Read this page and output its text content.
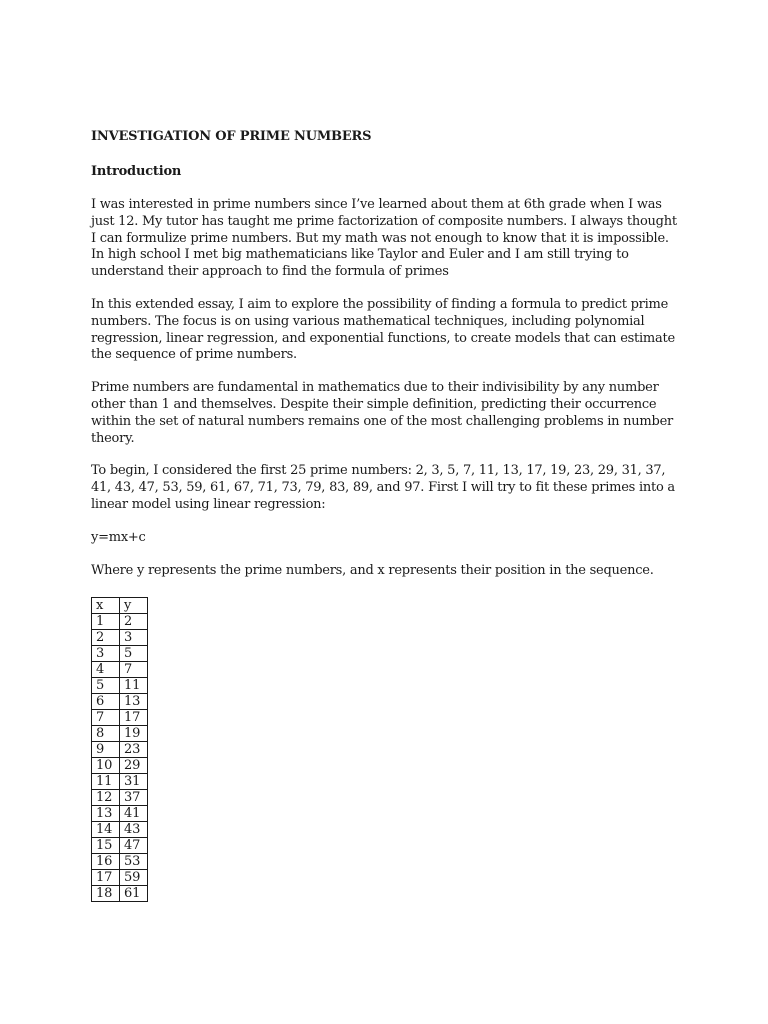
INVESTIGATION OF PRIME NUMBERS
Introduction

I was interested in prime numbers since I’ve learned about them at 6th grade when I was just 12. My tutor has taught me prime factorization of composite numbers. I always thought I can formulize prime numbers. But my math was not enough to know that it is impossible. In high school I met big mathematicians like Taylor and Euler and I am still trying to understand their approach to find the formula of primes

In this extended essay, I aim to explore the possibility of finding a formula to predict prime numbers. The focus is on using various mathematical techniques, including polynomial regression, linear regression, and exponential functions, to create models that can estimate the sequence of prime numbers.

Prime numbers are fundamental in mathematics due to their indivisibility by any number other than 1 and themselves. Despite their simple definition, predicting their occurrence within the set of natural numbers remains one of the most challenging problems in number theory.

To begin, I considered the first 25 prime numbers: 2, 3, 5, 7, 11, 13, 17, 19, 23, 29, 31, 37, 41, 43, 47, 53, 59, 61, 67, 71, 73, 79, 83, 89, and 97. First I will try to fit these primes into a linear model using linear regression:

y=mx+c

Where y represents the prime numbers, and x represents their position in the sequence.

x	y
1	2
2	3
3	5
4	7
5	11
6	13
7	17
8	19
9	23
10	29
11	31
12	37
13	41
14	43
15	47
16	53
17	59
18	61
